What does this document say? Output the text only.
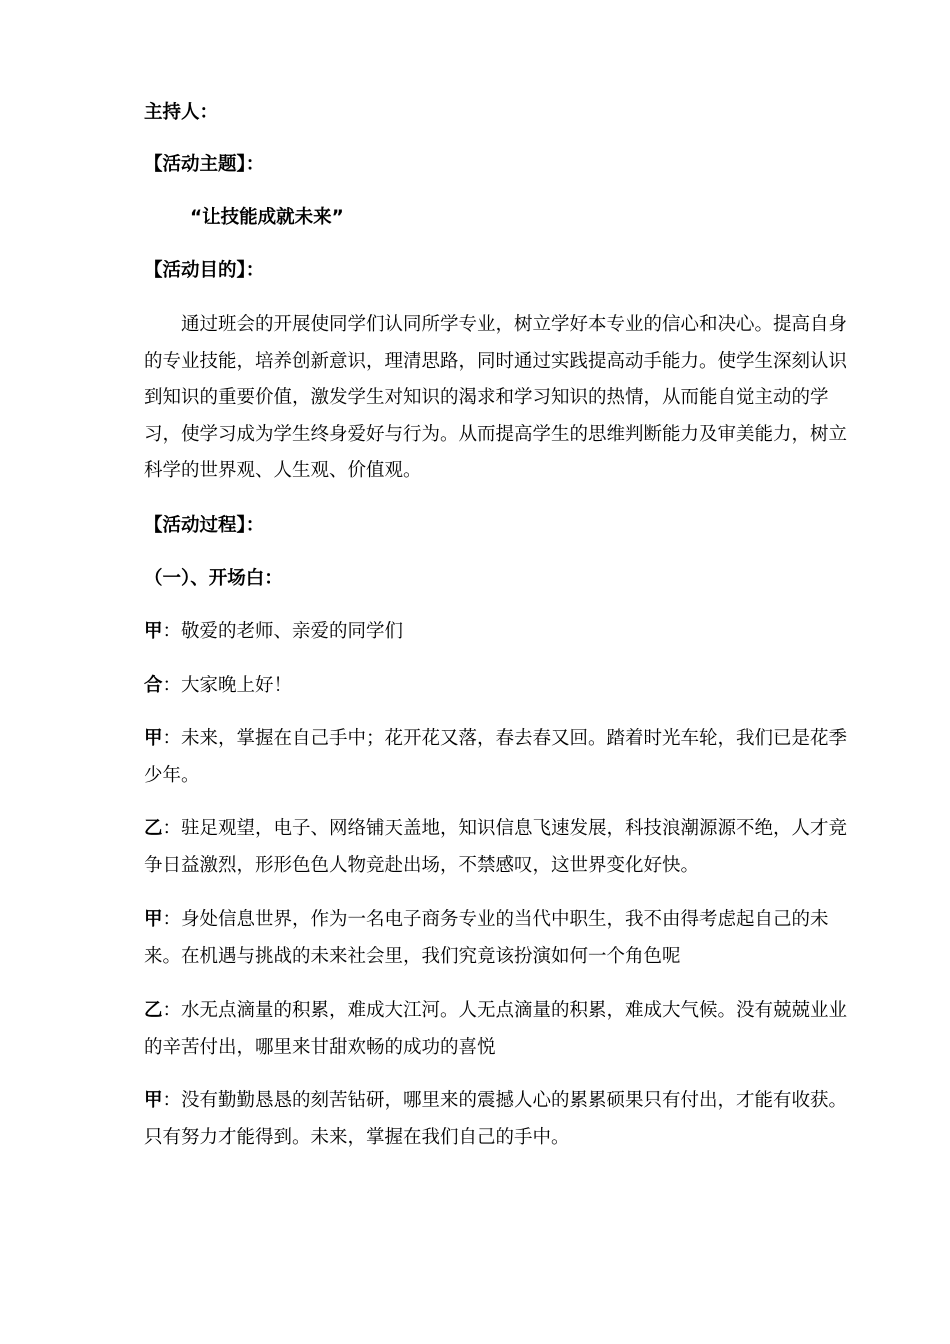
主持人：
【活动主题】：
“让技能成就未来”
【活动目的】：
通过班会的开展使同学们认同所学专业，树立学好本专业的信心和决心。提高自身的专业技能，培养创新意识，理清思路，同时通过实践提高动手能力。使学生深刻认识到知识的重要价值，激发学生对知识的渴求和学习知识的热情，从而能自觉主动的学习，使学习成为学生终身爱好与行为。从而提高学生的思维判断能力及审美能力，树立科学的世界观、人生观、价值观。
【活动过程】：
（一）、开场白：
甲：敬爱的老师、亲爱的同学们
合：大家晚上好！
甲：未来，掌握在自己手中；花开花又落，春去春又回。踏着时光车轮，我们已是花季少年。
乙：驻足观望，电子、网络铺天盖地，知识信息飞速发展，科技浪潮源源不绝，人才竞争日益激烈，形形色色人物竞赴出场，不禁感叹，这世界变化好快。
甲：身处信息世界，作为一名电子商务专业的当代中职生，我不由得考虑起自己的未来。在机遇与挑战的未来社会里，我们究竟该扮演如何一个角色呢
乙：水无点滴量的积累，难成大江河。人无点滴量的积累，难成大气候。没有兢兢业业的辛苦付出，哪里来甘甜欢畅的成功的喜悦
甲：没有勤勤恳恳的刻苦钻研，哪里来的震撼人心的累累硕果只有付出，才能有收获。只有努力才能得到。未来，掌握在我们自己的手中。
